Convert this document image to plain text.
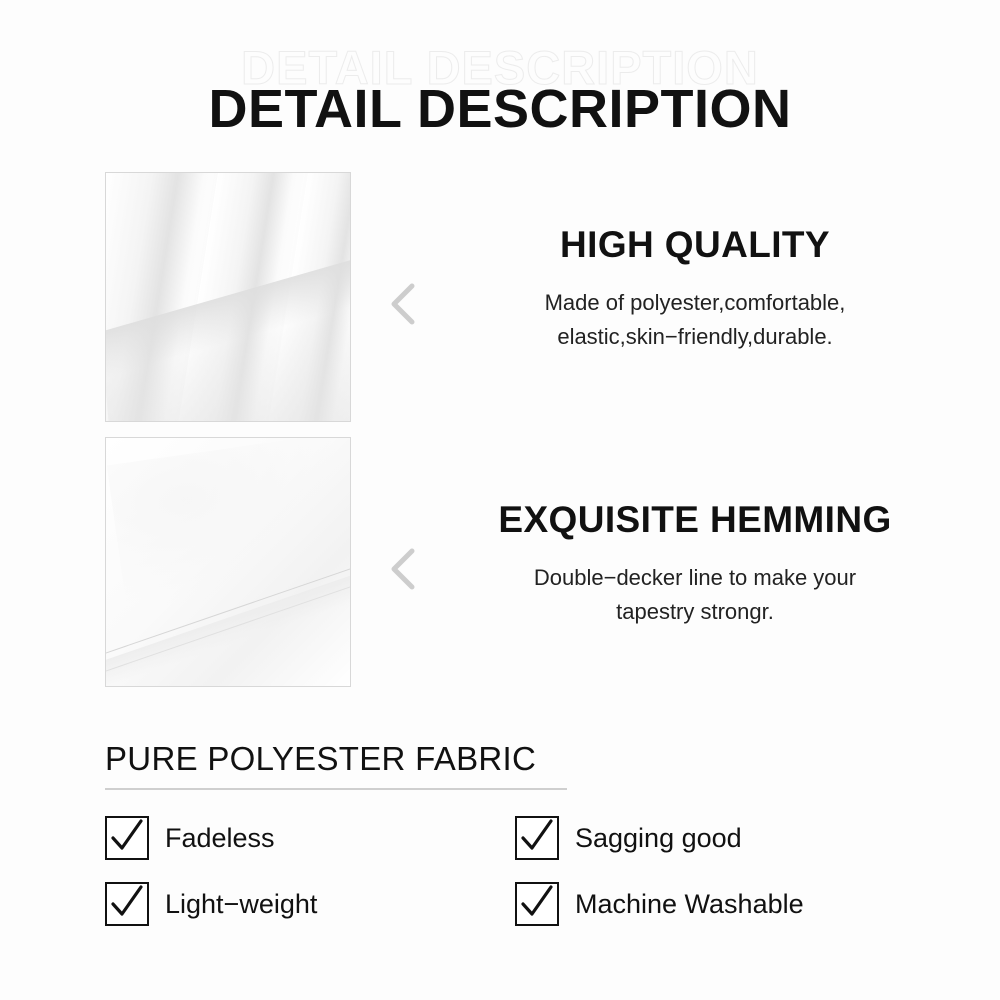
DETAIL DESCRIPTION
DETAIL DESCRIPTION
HIGH QUALITY
Made of polyester,comfortable,
elastic,skin−friendly,durable.
EXQUISITE HEMMING
Double−decker line to make your
tapestry strongr.
PURE POLYESTER FABRIC
Fadeless	Sagging good
Light−weight	Machine Washable
